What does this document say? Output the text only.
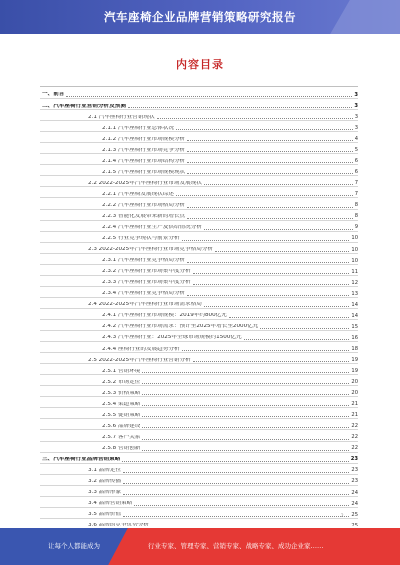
汽车座椅企业品牌营销策略研究报告
内容目录
一、前言	3
二、汽车座椅行业营销分析及预测	3
2.1 汽车座椅行业营销现状	3
2.1.1 汽车座椅行业总体状况	3
2.1.2 汽车座椅行业市场规模分析	4
2.1.3 汽车座椅行业市场竞争分析	5
2.1.4 汽车座椅行业市场结构分析	6
2.1.5 汽车座椅行业市场规模现状	6
2.2 2022-2025年汽车座椅行业市场发展现状	7
2.2.1 汽车座椅发展现状综述	7
2.2.2 汽车座椅行业市场格局分析	8
2.2.3 智能化发展带来新的增长点	8
2.2.4 汽车座椅行业生产及供给情况分析	9
2.2.5 行业竞争现状与前景分析	10
2.3 2022-2025年汽车座椅行业市场竞争格局分析	10
2.3.1 汽车座椅行业竞争格局分析	10
2.3.2 汽车座椅行业市场集中度分析	11
2.3.3 汽车座椅行业市场集中度分析	12
2.3.4 汽车座椅行业竞争格局分析	13
2.4 2022-2025年汽车座椅行业市场需求格局	14
2.4.1 汽车座椅行业市场规模：2019年约800亿元	14
2.4.2 汽车座椅行业市场需求：预计至2025年增长至2000亿元	15
2.4.3 汽车座椅行业：2025年全球市场规模约1500亿元	16
2.4.4 座椅行业的发展趋势分析	18
2.5 2022-2025年汽车座椅行业营销分析	19
2.5.1 营销环境	19
2.5.2 市场定位	20
2.5.3 价格策略	20
2.5.4 渠道策略	21
2.5.5 促销策略	21
2.5.6 品牌建设	22
2.5.7 客户关系	22
2.5.8 营销创新	22
三、汽车座椅行业品牌营销策略	23
3.1 品牌定位	23
3.2 品牌传播	23
3.3 品牌形象	24
3.4 品牌营销策略	24
3.5 品牌价值	25
2
让每个人都能成为	行业专家、管理专家、营销专家、战略专家、成功企业家……
